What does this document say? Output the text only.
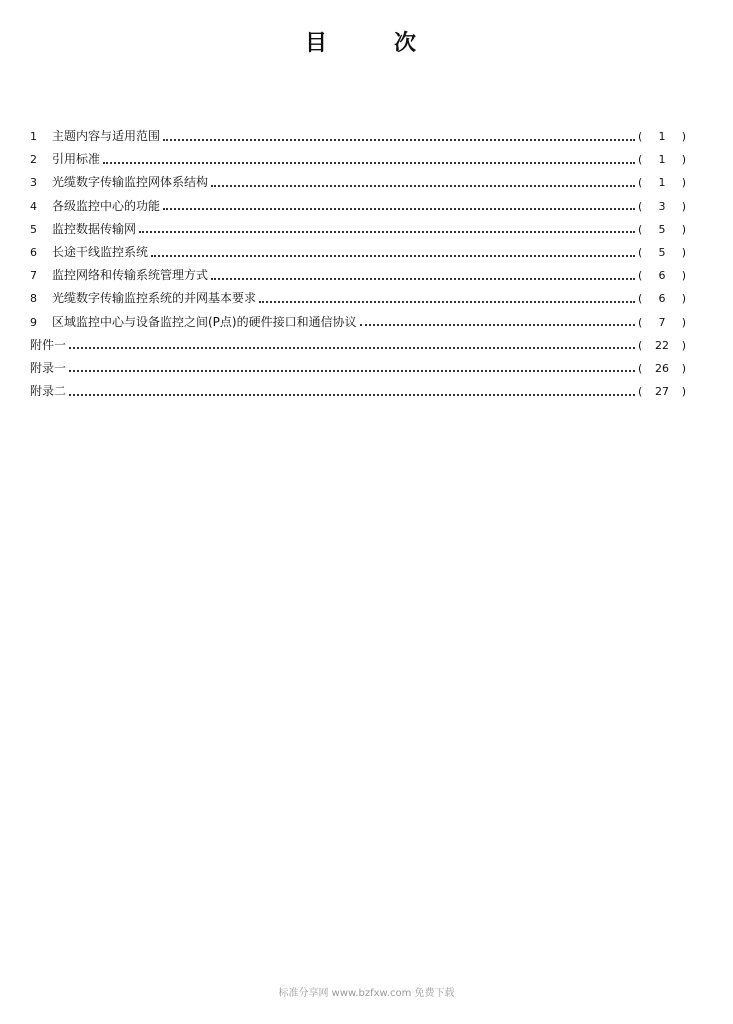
目	次
1	主题内容与适用范围	(	1	)
2	引用标准	(	1	)
3	光缆数字传输监控网体系结构	(	1	)
4	各级监控中心的功能	(	3	)
5	监控数据传输网	(	5	)
6	长途干线监控系统	(	5	)
7	监控网络和传输系统管理方式	(	6	)
8	光缆数字传输监控系统的并网基本要求	(	6	)
9	区域监控中心与设备监控之间(P点)的硬件接口和通信协议	(	7	)
附件一	(	22	)
附录一	(	26	)
附录二	(	27	)
标准分享网 www.bzfxw.com 免费下载
